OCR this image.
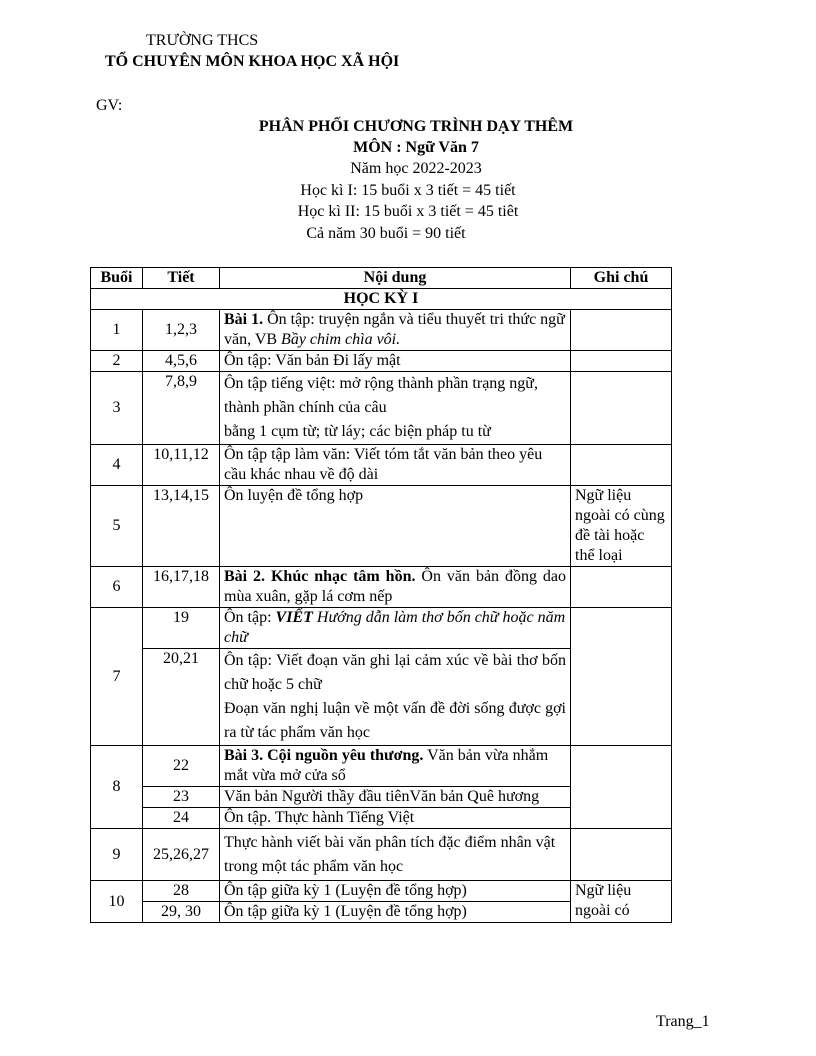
TRƯỜNG THCS
TỔ CHUYÊN MÔN KHOA HỌC XÃ HỘI
GV:
PHÂN PHỐI CHƯƠNG TRÌNH DẠY THÊM
MÔN : Ngữ Văn 7
Năm học 2022-2023
Học kì I: 15 buổi x 3 tiết = 45 tiết
Học kì II: 15 buổi x 3 tiết = 45 tiêt
Cả năm 30 buổi = 90 tiết
Buổi	Tiết	Nội dung	Ghi chú
HỌC KỲ I			
1	1,2,3	Bài 1. Ôn tập: truyện ngắn và tiểu thuyết tri thức ngữ văn, VB Bầy chim chìa vôi.	
2	4,5,6	Ôn tập: Văn bản Đi lấy mật	
3	7,8,9	Ôn tập tiếng việt: mở rộng thành phần trạng ngữ, thành phần chính của câu
bằng 1 cụm từ; từ láy; các biện pháp tu từ	

4	10,11,12	Ôn tập tập làm văn: Viết tóm tắt văn bản theo yêu cầu khác nhau về độ dài	
5	13,14,15	Ôn luyện đề tổng hợp	Ngữ liệu ngoài có cùng đề tài hoặc thể loại
6	16,17,18	Bài 2. Khúc nhạc tâm hồn. Ôn văn bản đồng dao mùa xuân, gặp lá cơm nếp	
7	19	Ôn tập: VIẾT Hướng dẫn làm thơ bốn chữ hoặc năm chữ	
	20,21	Ôn tập: Viết đoạn văn ghi lại cảm xúc về bài thơ bốn chữ hoặc 5 chữ
Đoạn văn nghị luận về một vấn đề đời sống được gợi ra từ tác phẩm văn học	

8	22	Bài 3. Cội nguồn yêu thương. Văn bản vừa nhắm mắt vừa mở cửa sổ	
	23	Văn bản Người thầy đầu tiênVăn bản Quê hương	
	24	Ôn tập. Thực hành Tiếng Việt	
9	25,26,27	Thực hành viết bài văn phân tích đặc điểm nhân vật trong một tác phẩm văn học	
10	28	Ôn tập giữa kỳ 1 (Luyện đề tổng hợp)	Ngữ liệu ngoài có
	29, 30	Ôn tập giữa kỳ 1 (Luyện đề tổng hợp)	
Trang_1
